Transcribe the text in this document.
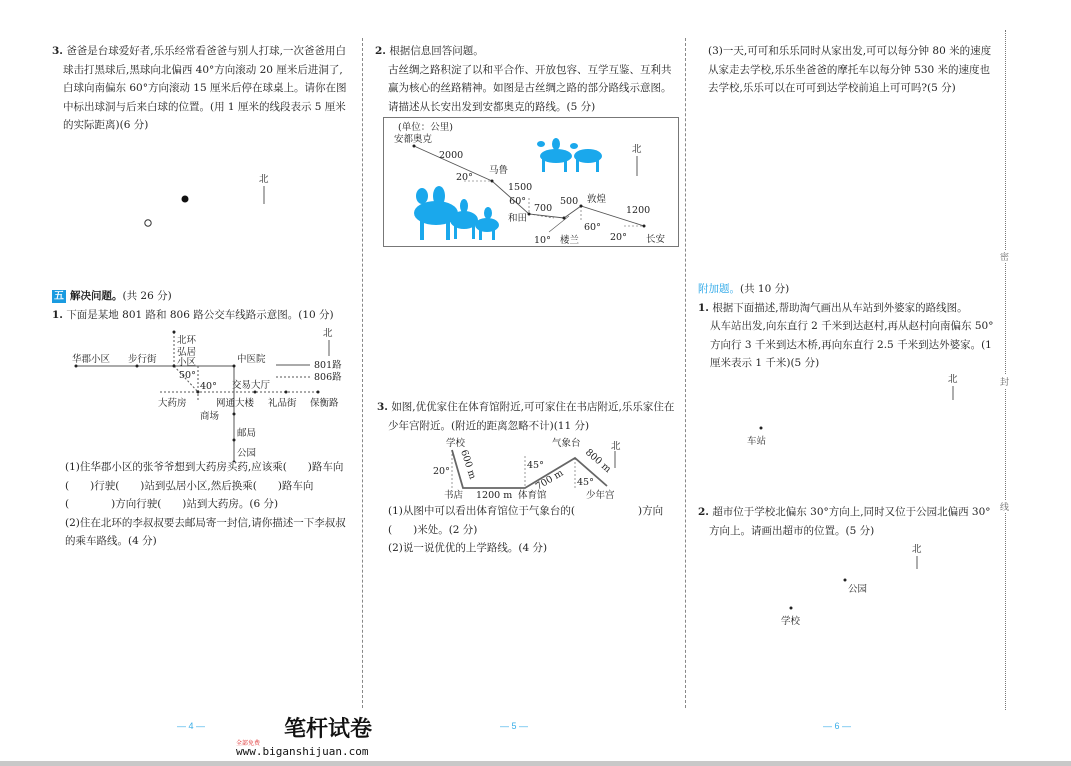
密
封
线
3. 爸爸是台球爱好者,乐乐经常看爸爸与别人打球,一次爸爸用白球击打黑球后,黑球向北偏西 40°方向滚动 20 厘米后进洞了,白球向南偏东 60°方向滚动 15 厘米后停在球桌上。请你在图中标出球洞与后来白球的位置。(用 1 厘米的线段表示 5 厘米的实际距离)(6 分)
北
五 解决问题。(共 26 分)
1. 下面是某地 801 路和 806 路公交车线路示意图。(10 分)
北
801路
806路
北环
弘居
小区	中医院
华郡小区 步行街
交易大厅
大药房	网通大楼 礼品街 保衡路
商场
邮局
公园
50°
40°
(1)住华郡小区的张爷爷想到大药房买药,应该乘(　　)路车向(　　)行驶(　　)站到弘居小区,然后换乘(　　)路车向(　　　　)方向行驶(　　)站到大药房。(6 分)
(2)住在北环的李叔叔要去邮局寄一封信,请你描述一下李叔叔的乘车路线。(4 分)
2. 根据信息回答问题。
古丝绸之路积淀了以和平合作、开放包容、互学互鉴、互利共赢为核心的丝路精神。如图是古丝绸之路的部分路线示意图。请描述从长安出发到安都奥克的路线。(5 分)
(单位：公里)
北
安都奥克
马鲁
和田
楼兰
敦煌
长安
2000
1500
700
500
1200
20°
60°
10°
60°
20°
3. 如图,优优家住在体育馆附近,可可家住在书店附近,乐乐家住在少年宫附近。(附近的距离忽略不计)(11 分)
学校
书店 1200 m 体育馆
气象台
少年宫
600 m	700 m
800 m
20°
45°
45°
北
(1)从图中可以看出体育馆位于气象台的(　　　　　　)方向(　　)米处。(2 分)
(2)说一说优优的上学路线。(4 分)
(3)一天,可可和乐乐同时从家出发,可可以每分钟 80 米的速度从家走去学校,乐乐坐爸爸的摩托车以每分钟 530 米的速度也去学校,乐乐可以在可可到达学校前追上可可吗?(5 分)
附加题。(共 10 分)
1. 根据下面描述,帮助淘气画出从车站到外婆家的路线图。
从车站出发,向东直行 2 千米到达赵村,再从赵村向南偏东 50°方向行 3 千米到达木桥,再向东直行 2.5 千米到达外婆家。(1 厘米表示 1 千米)(5 分)
北
车站
2. 超市位于学校北偏东 30°方向上,同时又位于公园北偏西 30°方向上。请画出超市的位置。(5 分)
北
公园
学校
— 4 —	— 5 —	— 6 —
笔杆试卷
全部免费
www.biganshijuan.com
